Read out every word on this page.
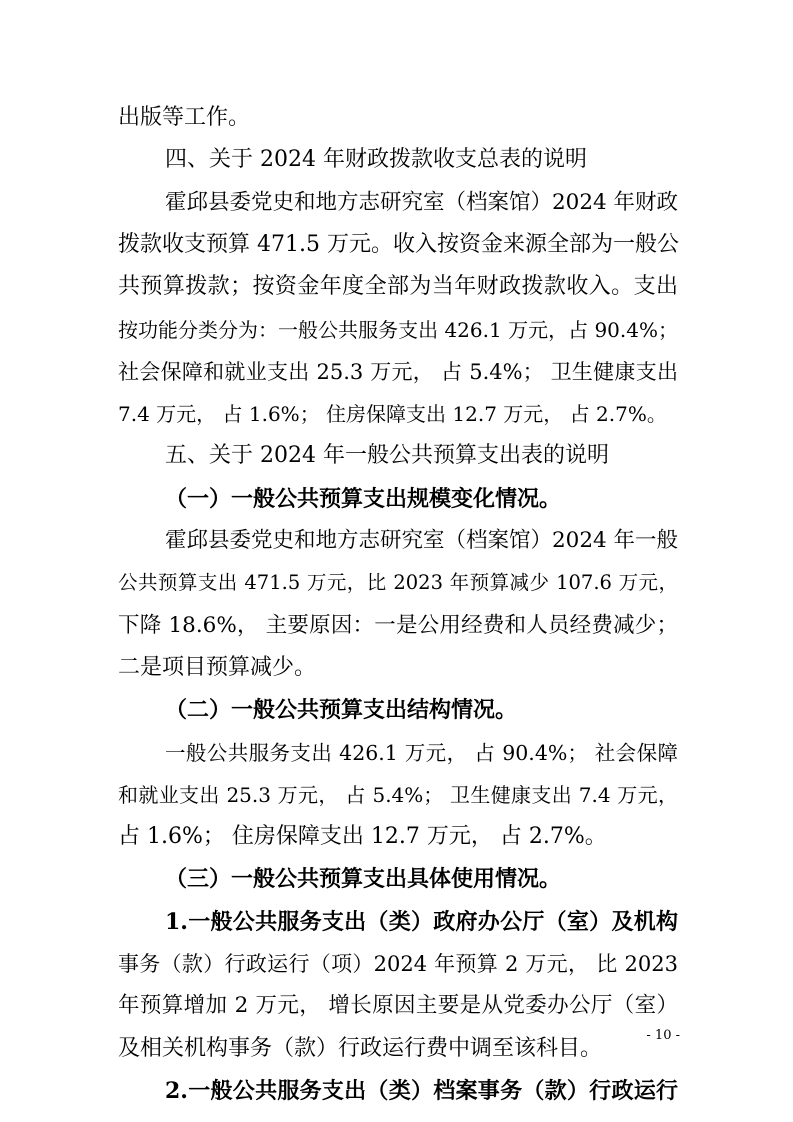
出版等工作。

四、关于 2024 年财政拨款收支总表的说明

霍邱县委党史和地方志研究室（档案馆）2024 年财政

拨款收支预算 471.5 万元。收入按资金来源全部为一般公

共预算拨款；按资金年度全部为当年财政拨款收入。支出

按功能分类分为：一般公共服务支出 426.1 万元，占 90.4%；

社会保障和就业支出 25.3 万元， 占 5.4%； 卫生健康支出

7.4 万元， 占 1.6%； 住房保障支出 12.7 万元， 占 2.7%。

五、关于 2024 年一般公共预算支出表的说明

（一）一般公共预算支出规模变化情况。

霍邱县委党史和地方志研究室（档案馆）2024 年一般

公共预算支出 471.5 万元，比 2023 年预算减少 107.6 万元，

下降 18.6%， 主要原因：一是公用经费和人员经费减少；

二是项目预算减少。

（二）一般公共预算支出结构情况。

一般公共服务支出 426.1 万元， 占 90.4%； 社会保障

和就业支出 25.3 万元， 占 5.4%； 卫生健康支出 7.4 万元，

占 1.6%； 住房保障支出 12.7 万元， 占 2.7%。

（三）一般公共预算支出具体使用情况。

1.一般公共服务支出（类）政府办公厅（室）及机构

事务（款）行政运行（项）2024 年预算 2 万元， 比 2023

年预算增加 2 万元， 增长原因主要是从党委办公厅（室）

及相关机构事务（款）行政运行费中调至该科目。

2.一般公共服务支出（类）档案事务（款）行政运行

- 10 -
